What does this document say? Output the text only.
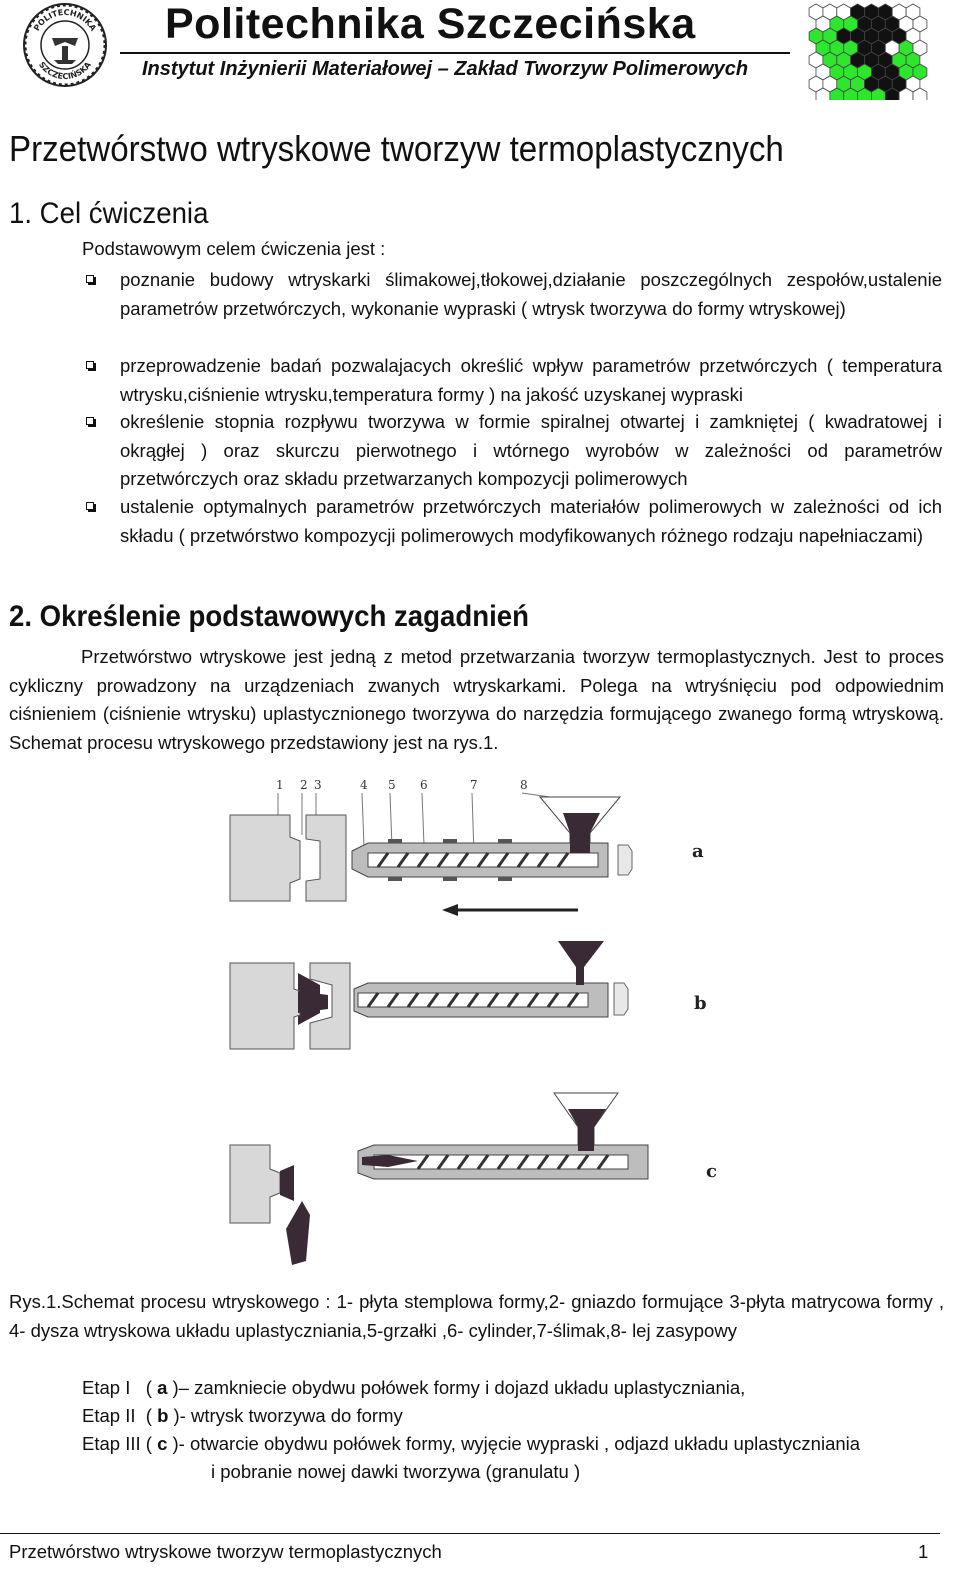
POLITECHNIKA
SZCZECIŃSKA
Politechnika Szczecińska
Instytut Inżynierii Materiałowej – Zakład Tworzyw Polimerowych
Przetwórstwo wtryskowe tworzyw termoplastycznych
1. Cel ćwiczenia
Podstawowym celem ćwiczenia jest :
poznanie budowy wtryskarki ślimakowej,tłokowej,działanie poszczególnych zespołów,ustalenie parametrów przetwórczych, wykonanie wypraski ( wtrysk tworzywa do formy wtryskowej)
przeprowadzenie badań pozwalajacych określić wpływ parametrów przetwórczych ( temperatura wtrysku,ciśnienie wtrysku,temperatura formy ) na jakość uzyskanej wypraski
określenie stopnia rozpływu tworzywa w formie spiralnej otwartej i zamkniętej ( kwadratowej i okrągłej ) oraz skurczu pierwotnego i wtórnego wyrobów w zależności od parametrów przetwórczych oraz składu przetwarzanych kompozycji polimerowych
ustalenie optymalnych parametrów przetwórczych materiałów polimerowych w zależności od ich składu ( przetwórstwo kompozycji polimerowych modyfikowanych różnego rodzaju napełniaczami)
2. Określenie podstawowych zagadnień
Przetwórstwo wtryskowe jest jedną z metod przetwarzania tworzyw termoplastycznych. Jest to proces cykliczny prowadzony na urządzeniach zwanych wtryskarkami. Polega na wtryśnięciu pod odpowiednim ciśnieniem (ciśnienie wtrysku) uplastycznionego tworzywa do narzędzia formującego zwanego formą wtryskową. Schemat procesu wtryskowego przedstawiony jest na rys.1.
1 2 3	4 5 6	7	8
a
b
c
Rys.1.Schemat procesu wtryskowego : 1- płyta stemplowa formy,2- gniazdo formujące 3-płyta matrycowa formy , 4- dysza wtryskowa układu uplastyczniania,5-grzałki ,6- cylinder,7-ślimak,8- lej zasypowy
Etap I   ( a )– zamkniecie obydwu połówek formy i dojazd układu uplastyczniania,
Etap II  ( b )- wtrysk tworzywa do formy
Etap III ( c )- otwarcie obydwu połówek formy, wyjęcie wypraski , odjazd układu uplastyczniania
i pobranie nowej dawki tworzywa (granulatu )
Przetwórstwo wtryskowe tworzyw termoplastycznych	1
